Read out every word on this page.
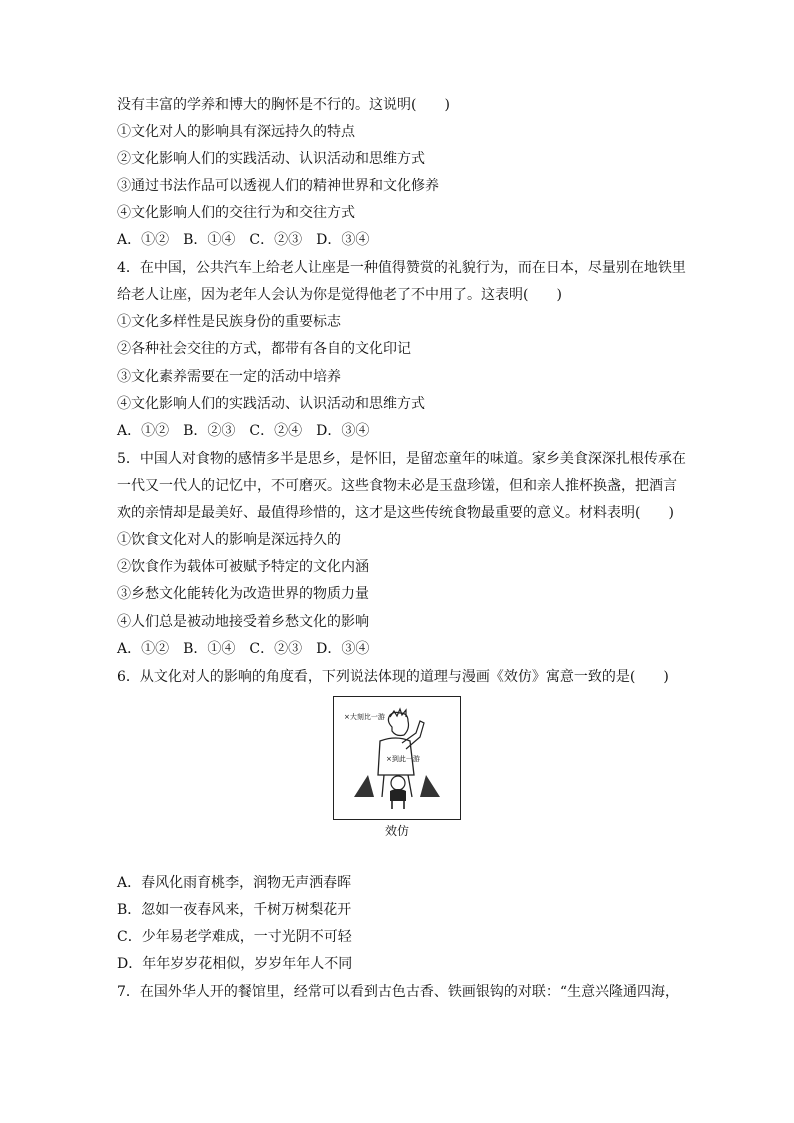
没有丰富的学养和博大的胸怀是不行的。这说明(　　)
①文化对人的影响具有深远持久的特点
②文化影响人们的实践活动、认识活动和思维方式
③通过书法作品可以透视人们的精神世界和文化修养
④文化影响人们的交往行为和交往方式
A．①②　B．①④　C．②③　D．③④
4．在中国，公共汽车上给老人让座是一种值得赞赏的礼貌行为，而在日本，尽量别在地铁里
给老人让座，因为老年人会认为你是觉得他老了不中用了。这表明(　　)
①文化多样性是民族身份的重要标志
②各种社会交往的方式，都带有各自的文化印记
③文化素养需要在一定的活动中培养
④文化影响人们的实践活动、认识活动和思维方式
A．①②　B．②③　C．②④　D．③④
5．中国人对食物的感情多半是思乡，是怀旧，是留恋童年的味道。家乡美食深深扎根传承在
一代又一代人的记忆中，不可磨灭。这些食物未必是玉盘珍馐，但和亲人推杯换盏，把酒言
欢的亲情却是最美好、最值得珍惜的，这才是这些传统食物最重要的意义。材料表明(　　)
①饮食文化对人的影响是深远持久的
②饮食作为载体可被赋予特定的文化内涵
③乡愁文化能转化为改造世界的物质力量
④人们总是被动地接受着乡愁文化的影响
A．①②　B．①④　C．②③　D．③④
6．从文化对人的影响的角度看，下列说法体现的道理与漫画《效仿》寓意一致的是(　　)
×到此一游
×大刻比一游
效仿
A．春风化雨育桃李，润物无声洒春晖
B．忽如一夜春风来，千树万树梨花开
C．少年易老学难成，一寸光阴不可轻
D．年年岁岁花相似，岁岁年年人不同
7．在国外华人开的餐馆里，经常可以看到古色古香、铁画银钩的对联：“生意兴隆通四海，
